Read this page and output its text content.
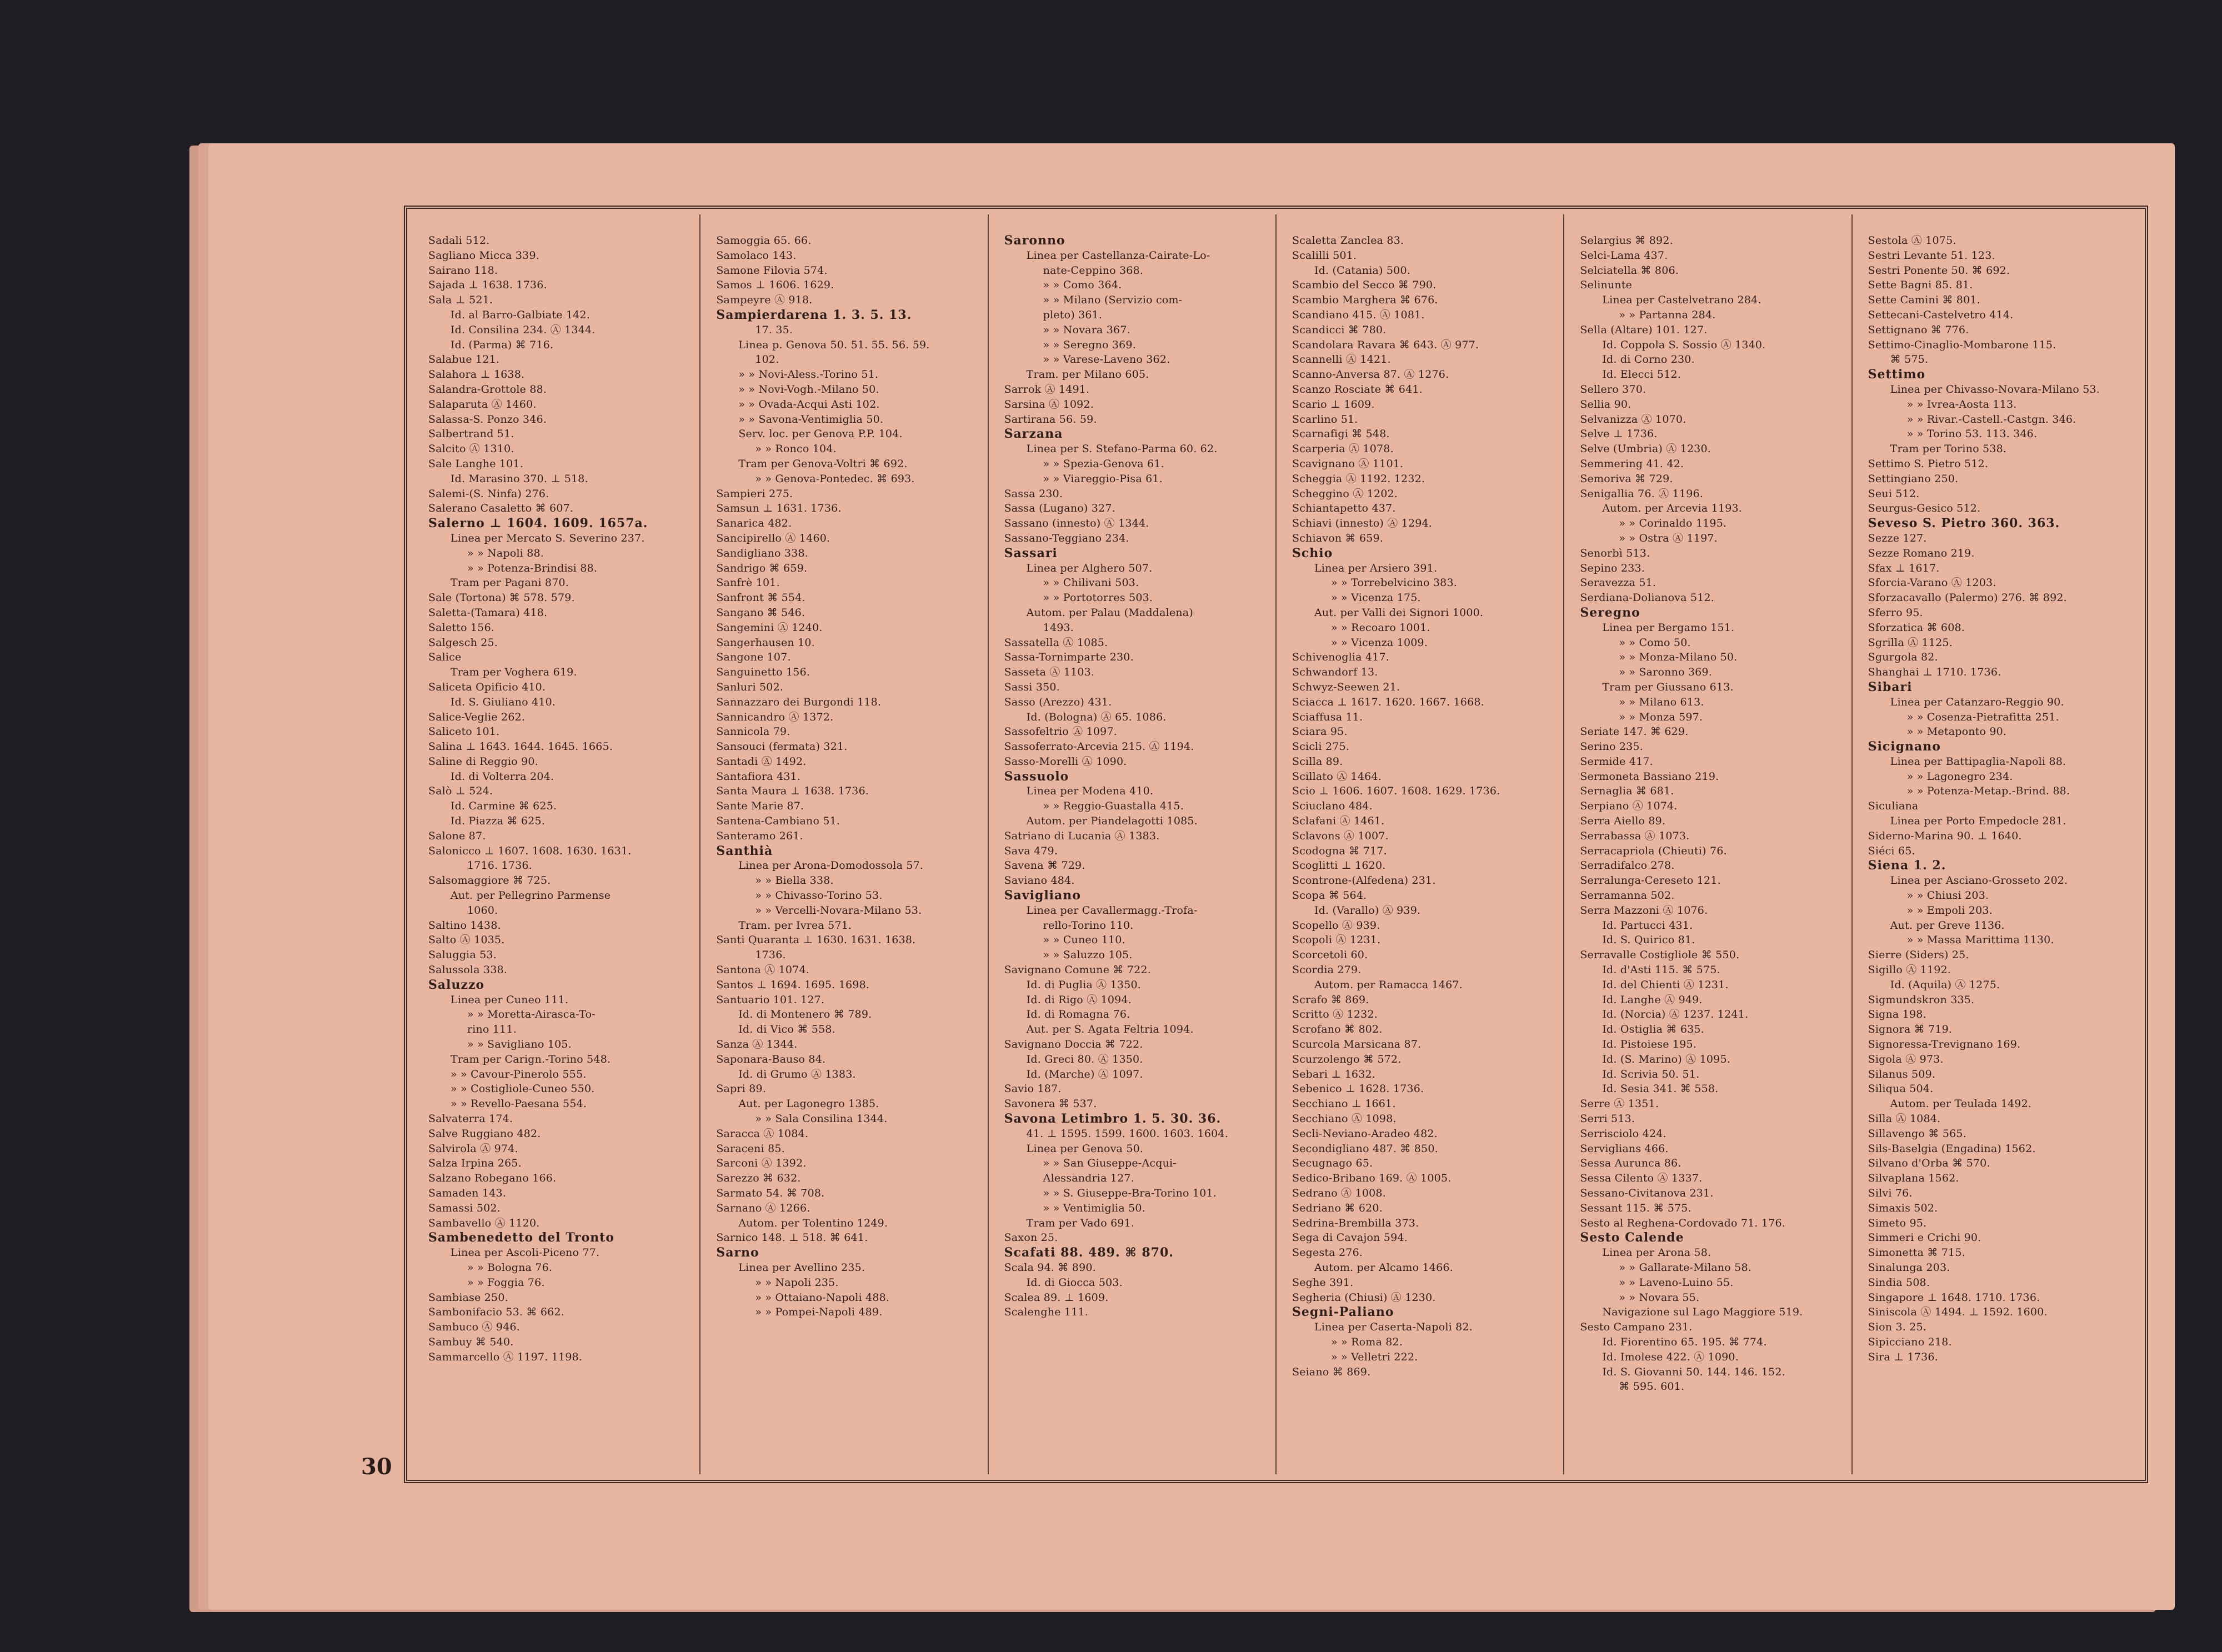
30
Sadali 512.
Sagliano Micca 339.
Sairano 118.
Sajada ⊥ 1638. 1736.
Sala ⊥ 521.
Id. al Barro-Galbiate 142.
Id. Consilina 234. Ⓐ 1344.
Id. (Parma) ⌘ 716.
Salabue 121.
Salahora ⊥ 1638.
Salandra-Grottole 88.
Salaparuta Ⓐ 1460.
Salassa-S. Ponzo 346.
Salbertrand 51.
Salcito Ⓐ 1310.
Sale Langhe 101.
Id. Marasino 370. ⊥ 518.
Salemi-(S. Ninfa) 276.
Salerano Casaletto ⌘ 607.
Salerno ⊥ 1604. 1609. 1657a.
Linea per Mercato S. Severino 237.
» » Napoli 88.
» » Potenza-Brindisi 88.
Tram per Pagani 870.
Sale (Tortona) ⌘ 578. 579.
Saletta-(Tamara) 418.
Saletto 156.
Salgesch 25.
Salice
Tram per Voghera 619.
Saliceta Opificio 410.
Id. S. Giuliano 410.
Salice-Veglie 262.
Saliceto 101.
Salina ⊥ 1643. 1644. 1645. 1665.
Saline di Reggio 90.
Id. di Volterra 204.
Salò ⊥ 524.
Id. Carmine ⌘ 625.
Id. Piazza ⌘ 625.
Salone 87.
Salonicco ⊥ 1607. 1608. 1630. 1631.
1716. 1736.
Salsomaggiore ⌘ 725.
Aut. per Pellegrino Parmense
1060.
Saltino 1438.
Salto Ⓐ 1035.
Saluggia 53.
Salussola 338.
Saluzzo
Linea per Cuneo 111.
» » Moretta-Airasca-To-
rino 111.
» » Savigliano 105.
Tram per Carign.-Torino 548.
» » Cavour-Pinerolo 555.
» » Costigliole-Cuneo 550.
» » Revello-Paesana 554.
Salvaterra 174.
Salve Ruggiano 482.
Salvirola Ⓐ 974.
Salza Irpina 265.
Salzano Robegano 166.
Samaden 143.
Samassi 502.
Sambavello Ⓐ 1120.
Sambenedetto del Tronto
Linea per Ascoli-Piceno 77.
» » Bologna 76.
» » Foggia 76.
Sambiase 250.
Sambonifacio 53. ⌘ 662.
Sambuco Ⓐ 946.
Sambuy ⌘ 540.
Sammarcello Ⓐ 1197. 1198.
Samoggia 65. 66.
Samolaco 143.
Samone Filovia 574.
Samos ⊥ 1606. 1629.
Sampeyre Ⓐ 918.
Sampierdarena 1. 3. 5. 13.
17. 35.
Linea p. Genova 50. 51. 55. 56. 59.
102.
» » Novi-Aless.-Torino 51.
» » Novi-Vogh.-Milano 50.
» » Ovada-Acqui Asti 102.
» » Savona-Ventimiglia 50.
Serv. loc. per Genova P.P. 104.
» » Ronco 104.
Tram per Genova-Voltri ⌘ 692.
» » Genova-Pontedec. ⌘ 693.
Sampieri 275.
Samsun ⊥ 1631. 1736.
Sanarica 482.
Sancipirello Ⓐ 1460.
Sandigliano 338.
Sandrigo ⌘ 659.
Sanfrè 101.
Sanfront ⌘ 554.
Sangano ⌘ 546.
Sangemini Ⓐ 1240.
Sangerhausen 10.
Sangone 107.
Sanguinetto 156.
Sanluri 502.
Sannazzaro dei Burgondi 118.
Sannicandro Ⓐ 1372.
Sannicola 79.
Sansouci (fermata) 321.
Santadi Ⓐ 1492.
Santafiora 431.
Santa Maura ⊥ 1638. 1736.
Sante Marie 87.
Santena-Cambiano 51.
Santeramo 261.
Santhià
Linea per Arona-Domodossola 57.
» » Biella 338.
» » Chivasso-Torino 53.
» » Vercelli-Novara-Milano 53.
Tram. per Ivrea 571.
Santi Quaranta ⊥ 1630. 1631. 1638.
1736.
Santona Ⓐ 1074.
Santos ⊥ 1694. 1695. 1698.
Santuario 101. 127.
Id. di Montenero ⌘ 789.
Id. di Vico ⌘ 558.
Sanza Ⓐ 1344.
Saponara-Bauso 84.
Id. di Grumo Ⓐ 1383.
Sapri 89.
Aut. per Lagonegro 1385.
» » Sala Consilina 1344.
Saracca Ⓐ 1084.
Saraceni 85.
Sarconi Ⓐ 1392.
Sarezzo ⌘ 632.
Sarmato 54. ⌘ 708.
Sarnano Ⓐ 1266.
Autom. per Tolentino 1249.
Sarnico 148. ⊥ 518. ⌘ 641.
Sarno
Linea per Avellino 235.
» » Napoli 235.
» » Ottaiano-Napoli 488.
» » Pompei-Napoli 489.
Saronno
Linea per Castellanza-Cairate-Lo-
nate-Ceppino 368.
» » Como 364.
» » Milano (Servizio com-
pleto) 361.
» » Novara 367.
» » Seregno 369.
» » Varese-Laveno 362.
Tram. per Milano 605.
Sarrok Ⓐ 1491.
Sarsina Ⓐ 1092.
Sartirana 56. 59.
Sarzana
Linea per S. Stefano-Parma 60. 62.
» » Spezia-Genova 61.
» » Viareggio-Pisa 61.
Sassa 230.
Sassa (Lugano) 327.
Sassano (innesto) Ⓐ 1344.
Sassano-Teggiano 234.
Sassari
Linea per Alghero 507.
» » Chilivani 503.
» » Portotorres 503.
Autom. per Palau (Maddalena)
1493.
Sassatella Ⓐ 1085.
Sassa-Tornimparte 230.
Sasseta Ⓐ 1103.
Sassi 350.
Sasso (Arezzo) 431.
Id. (Bologna) Ⓐ 65. 1086.
Sassofeltrio Ⓐ 1097.
Sassoferrato-Arcevia 215. Ⓐ 1194.
Sasso-Morelli Ⓐ 1090.
Sassuolo
Linea per Modena 410.
» » Reggio-Guastalla 415.
Autom. per Piandelagotti 1085.
Satriano di Lucania Ⓐ 1383.
Sava 479.
Savena ⌘ 729.
Saviano 484.
Savigliano
Linea per Cavallermagg.-Trofa-
rello-Torino 110.
» » Cuneo 110.
» » Saluzzo 105.
Savignano Comune ⌘ 722.
Id. di Puglia Ⓐ 1350.
Id. di Rigo Ⓐ 1094.
Id. di Romagna 76.
Aut. per S. Agata Feltria 1094.
Savignano Doccia ⌘ 722.
Id. Greci 80. Ⓐ 1350.
Id. (Marche) Ⓐ 1097.
Savio 187.
Savonera ⌘ 537.
Savona Letimbro 1. 5. 30. 36.
41. ⊥ 1595. 1599. 1600. 1603. 1604.
Linea per Genova 50.
» » San Giuseppe-Acqui-
Alessandria 127.
» » S. Giuseppe-Bra-Torino 101.
» » Ventimiglia 50.
Tram per Vado 691.
Saxon 25.
Scafati 88. 489. ⌘ 870.
Scala 94. ⌘ 890.
Id. di Giocca 503.
Scalea 89. ⊥ 1609.
Scalenghe 111.
Scaletta Zanclea 83.
Scalilli 501.
Id. (Catania) 500.
Scambio del Secco ⌘ 790.
Scambio Marghera ⌘ 676.
Scandiano 415. Ⓐ 1081.
Scandicci ⌘ 780.
Scandolara Ravara ⌘ 643. Ⓐ 977.
Scannelli Ⓐ 1421.
Scanno-Anversa 87. Ⓐ 1276.
Scanzo Rosciate ⌘ 641.
Scario ⊥ 1609.
Scarlino 51.
Scarnafigi ⌘ 548.
Scarperia Ⓐ 1078.
Scavignano Ⓐ 1101.
Scheggia Ⓐ 1192. 1232.
Scheggino Ⓐ 1202.
Schiantapetto 437.
Schiavi (innesto) Ⓐ 1294.
Schiavon ⌘ 659.
Schio
Linea per Arsiero 391.
» » Torrebelvicino 383.
» » Vicenza 175.
Aut. per Valli dei Signori 1000.
» » Recoaro 1001.
» » Vicenza 1009.
Schivenoglia 417.
Schwandorf 13.
Schwyz-Seewen 21.
Sciacca ⊥ 1617. 1620. 1667. 1668.
Sciaffusa 11.
Sciara 95.
Scicli 275.
Scilla 89.
Scillato Ⓐ 1464.
Scio ⊥ 1606. 1607. 1608. 1629. 1736.
Sciuclano 484.
Sclafani Ⓐ 1461.
Sclavons Ⓐ 1007.
Scodogna ⌘ 717.
Scoglitti ⊥ 1620.
Scontrone-(Alfedena) 231.
Scopa ⌘ 564.
Id. (Varallo) Ⓐ 939.
Scopello Ⓐ 939.
Scopoli Ⓐ 1231.
Scorcetoli 60.
Scordia 279.
Autom. per Ramacca 1467.
Scrafo ⌘ 869.
Scritto Ⓐ 1232.
Scrofano ⌘ 802.
Scurcola Marsicana 87.
Scurzolengo ⌘ 572.
Sebari ⊥ 1632.
Sebenico ⊥ 1628. 1736.
Secchiano ⊥ 1661.
Secchiano Ⓐ 1098.
Secli-Neviano-Aradeo 482.
Secondigliano 487. ⌘ 850.
Secugnago 65.
Sedico-Bribano 169. Ⓐ 1005.
Sedrano Ⓐ 1008.
Sedriano ⌘ 620.
Sedrina-Brembilla 373.
Sega di Cavajon 594.
Segesta 276.
Autom. per Alcamo 1466.
Seghe 391.
Segheria (Chiusi) Ⓐ 1230.
Segni-Paliano
Linea per Caserta-Napoli 82.
» » Roma 82.
» » Velletri 222.
Seiano ⌘ 869.
Selargius ⌘ 892.
Selci-Lama 437.
Selciatella ⌘ 806.
Selinunte
Linea per Castelvetrano 284.
» » Partanna 284.
Sella (Altare) 101. 127.
Id. Coppola S. Sossio Ⓐ 1340.
Id. di Corno 230.
Id. Elecci 512.
Sellero 370.
Sellia 90.
Selvanizza Ⓐ 1070.
Selve ⊥ 1736.
Selve (Umbria) Ⓐ 1230.
Semmering 41. 42.
Semoriva ⌘ 729.
Senigallia 76. Ⓐ 1196.
Autom. per Arcevia 1193.
» » Corinaldo 1195.
» » Ostra Ⓐ 1197.
Senorbì 513.
Sepino 233.
Seravezza 51.
Serdiana-Dolianova 512.
Seregno
Linea per Bergamo 151.
» » Como 50.
» » Monza-Milano 50.
» » Saronno 369.
Tram per Giussano 613.
» » Milano 613.
» » Monza 597.
Seriate 147. ⌘ 629.
Serino 235.
Sermide 417.
Sermoneta Bassiano 219.
Sernaglia ⌘ 681.
Serpiano Ⓐ 1074.
Serra Aiello 89.
Serrabassa Ⓐ 1073.
Serracapriola (Chieuti) 76.
Serradifalco 278.
Serralunga-Cereseto 121.
Serramanna 502.
Serra Mazzoni Ⓐ 1076.
Id. Partucci 431.
Id. S. Quirico 81.
Serravalle Costigliole ⌘ 550.
Id. d'Asti 115. ⌘ 575.
Id. del Chienti Ⓐ 1231.
Id. Langhe Ⓐ 949.
Id. (Norcia) Ⓐ 1237. 1241.
Id. Ostiglia ⌘ 635.
Id. Pistoiese 195.
Id. (S. Marino) Ⓐ 1095.
Id. Scrivia 50. 51.
Id. Sesia 341. ⌘ 558.
Serre Ⓐ 1351.
Serri 513.
Serrisciolo 424.
Serviglians 466.
Sessa Aurunca 86.
Sessa Cilento Ⓐ 1337.
Sessano-Civitanova 231.
Sessant 115. ⌘ 575.
Sesto al Reghena-Cordovado 71. 176.
Sesto Calende
Linea per Arona 58.
» » Gallarate-Milano 58.
» » Laveno-Luino 55.
» » Novara 55.
Navigazione sul Lago Maggiore 519.
Sesto Campano 231.
Id. Fiorentino 65. 195. ⌘ 774.
Id. Imolese 422. Ⓐ 1090.
Id. S. Giovanni 50. 144. 146. 152.
⌘ 595. 601.
Sestola Ⓐ 1075.
Sestri Levante 51. 123.
Sestri Ponente 50. ⌘ 692.
Sette Bagni 85. 81.
Sette Camini ⌘ 801.
Settecani-Castelvetro 414.
Settignano ⌘ 776.
Settimo-Cinaglio-Mombarone 115.
⌘ 575.
Settimo
Linea per Chivasso-Novara-Milano 53.
» » Ivrea-Aosta 113.
» » Rivar.-Castell.-Castgn. 346.
» » Torino 53. 113. 346.
Tram per Torino 538.
Settimo S. Pietro 512.
Settingiano 250.
Seui 512.
Seurgus-Gesico 512.
Seveso S. Pietro 360. 363.
Sezze 127.
Sezze Romano 219.
Sfax ⊥ 1617.
Sforcia-Varano Ⓐ 1203.
Sforzacavallo (Palermo) 276. ⌘ 892.
Sferro 95.
Sforzatica ⌘ 608.
Sgrilla Ⓐ 1125.
Sgurgola 82.
Shanghai ⊥ 1710. 1736.
Sibari
Linea per Catanzaro-Reggio 90.
» » Cosenza-Pietrafitta 251.
» » Metaponto 90.
Sicignano
Linea per Battipaglia-Napoli 88.
» » Lagonegro 234.
» » Potenza-Metap.-Brind. 88.
Siculiana
Linea per Porto Empedocle 281.
Siderno-Marina 90. ⊥ 1640.
Siéci 65.
Siena 1. 2.
Linea per Asciano-Grosseto 202.
» » Chiusi 203.
» » Empoli 203.
Aut. per Greve 1136.
» » Massa Marittima 1130.
Sierre (Siders) 25.
Sigillo Ⓐ 1192.
Id. (Aquila) Ⓐ 1275.
Sigmundskron 335.
Signa 198.
Signora ⌘ 719.
Signoressa-Trevignano 169.
Sigola Ⓐ 973.
Silanus 509.
Siliqua 504.
Autom. per Teulada 1492.
Silla Ⓐ 1084.
Sillavengo ⌘ 565.
Sils-Baselgia (Engadina) 1562.
Silvano d'Orba ⌘ 570.
Silvaplana 1562.
Silvi 76.
Simaxis 502.
Simeto 95.
Simmeri e Crichi 90.
Simonetta ⌘ 715.
Sinalunga 203.
Sindia 508.
Singapore ⊥ 1648. 1710. 1736.
Siniscola Ⓐ 1494. ⊥ 1592. 1600.
Sion 3. 25.
Sipicciano 218.
Sira ⊥ 1736.
